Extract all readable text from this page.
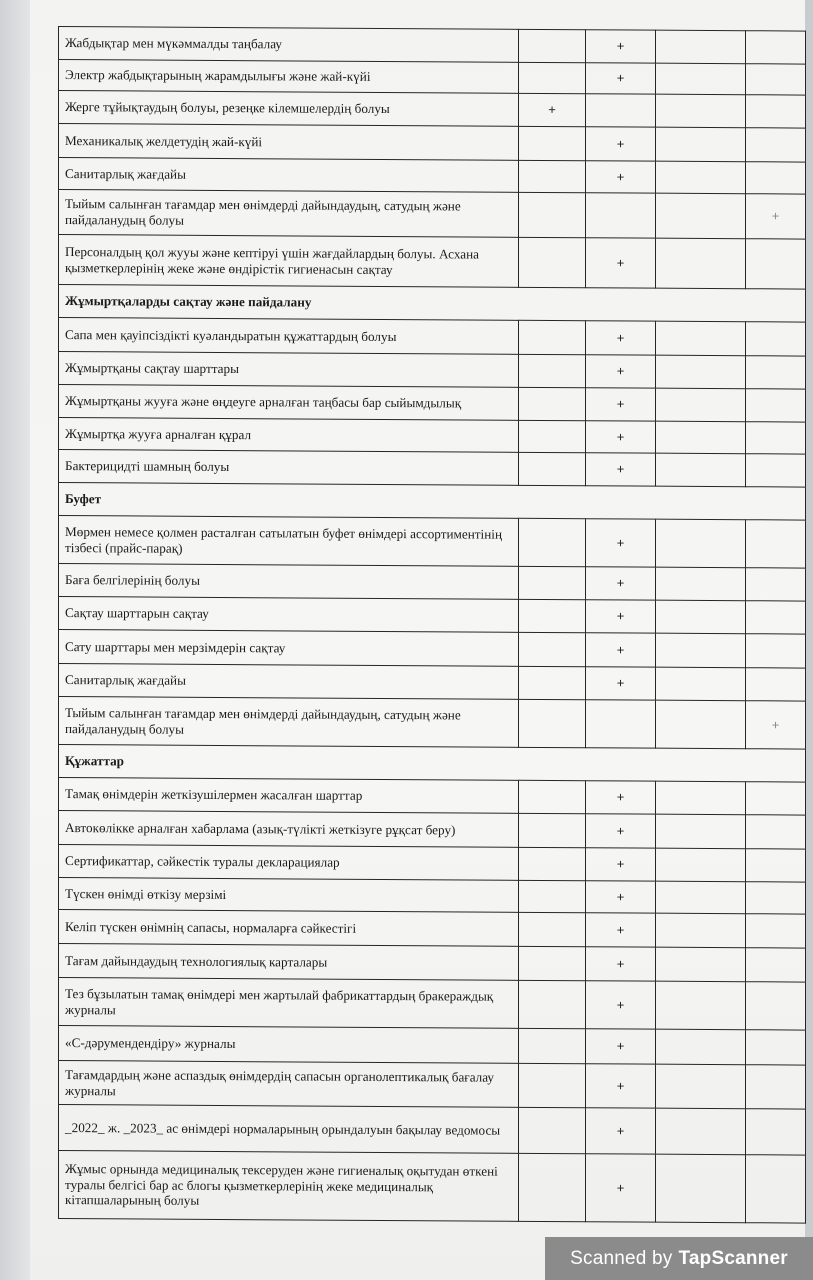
Жабдықтар мен мүкәммалды таңбалау		+		
Электр жабдықтарының жарамдылығы және жай-күйі		+		
Жерге тұйықтаудың болуы, резеңке кілемшелердің болуы	+			
Механикалық желдетудің жай-күйі		+		
Санитарлық жағдайы		+		
Тыйым салынған тағамдар мен өнімдерді дайындаудың, сатудың және пайдаланудың болуы				+
Персоналдың қол жууы және кептіруі үшін жағдайлардың болуы. Асхана қызметкерлерінің жеке және өндірістік гигиенасын сақтау		+		
Жұмыртқаларды сақтау және пайдалану				
Сапа мен қауіпсіздікті куәландыратын құжаттардың болуы		+		
Жұмыртқаны сақтау шарттары		+		
Жұмыртқаны жууға және өңдеуге арналған таңбасы бар сыйымдылық		+		
Жұмыртқа жууға арналған құрал		+		
Бактерицидті шамның болуы		+		
Буфет				
Мөрмен немесе қолмен расталған сатылатын буфет өнімдері ассортиментінің тізбесі (прайс-парақ)		+		
Баға белгілерінің болуы		+		
Сақтау шарттарын сақтау		+		
Сату шарттары мен мерзімдерін сақтау		+		
Санитарлық жағдайы		+		
Тыйым салынған тағамдар мен өнімдерді дайындаудың, сатудың және пайдаланудың болуы				+
Құжаттар				
Тамақ өнімдерін жеткізушілермен жасалған шарттар		+		
Автокөлікке арналған хабарлама (азық-түлікті жеткізуге рұқсат беру)		+		
Сертификаттар, сәйкестік туралы декларациялар		+		
Түскен өнімді өткізу мерзімі		+		
Келіп түскен өнімнің сапасы, нормаларға сәйкестігі		+		
Тағам дайындаудың технологиялық карталары		+		
Тез бұзылатын тамақ өнімдері мен жартылай фабрикаттардың бракераждық журналы		+		
«С-дәрумендендіру» журналы		+		
Тағамдардың және аспаздық өнімдердің сапасын органолептикалық бағалау журналы		+		
_2022_ ж. _2023_ ас өнімдері нормаларының орындалуын бақылау ведомосы		+		
Жұмыс орнында медициналық тексеруден және гигиеналық оқытудан өткені туралы белгісі бар ас блогы қызметкерлерінің жеке медициналық кітапшаларының болуы		+		
Scanned by TapScanner
